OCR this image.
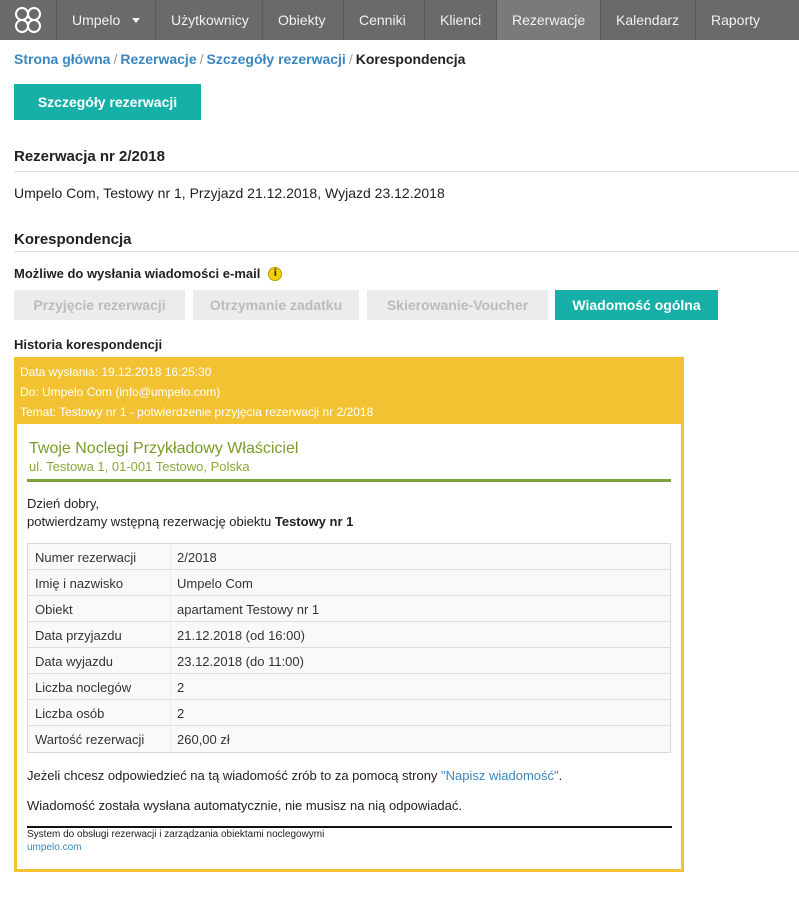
Umpelo	Użytkownicy	Obiekty	Cenniki	Klienci	Rezerwacje	Kalendarz	Raporty
Strona główna / Rezerwacje / Szczegóły rezerwacji / Korespondencja
Szczegóły rezerwacji
Rezerwacja nr 2/2018
Umpelo Com, Testowy nr 1, Przyjazd 21.12.2018, Wyjazd 23.12.2018
Korespondencja
Możliwe do wysłania wiadomości e-mail	i
Przyjęcie rezerwacji	Otrzymanie zadatku	Skierowanie-Voucher	Wiadomość ogólna
Historia korespondencji
Data wysłania: 19.12.2018 16:25:30
Do: Umpelo Com (info@umpelo.com)
Temat: Testowy nr 1 - potwierdzenie przyjęcia rezerwacji nr 2/2018
Twoje Noclegi Przykładowy Właściciel
ul. Testowa 1, 01-001 Testowo, Polska
Dzień dobry,
potwierdzamy wstępną rezerwację obiektu Testowy nr 1
Numer rezerwacji	2/2018
Imię i nazwisko	Umpelo Com
Obiekt	apartament Testowy nr 1
Data przyjazdu	21.12.2018 (od 16:00)
Data wyjazdu	23.12.2018 (do 11:00)
Liczba noclegów	2
Liczba osób	2
Wartość rezerwacji	260,00 zł
Jeżeli chcesz odpowiedzieć na tą wiadomość zrób to za pomocą strony "Napisz wiadomość".
Wiadomość została wysłana automatycznie, nie musisz na nią odpowiadać.
System do obsługi rezerwacji i zarządzania obiektami noclegowymi
umpelo.com
